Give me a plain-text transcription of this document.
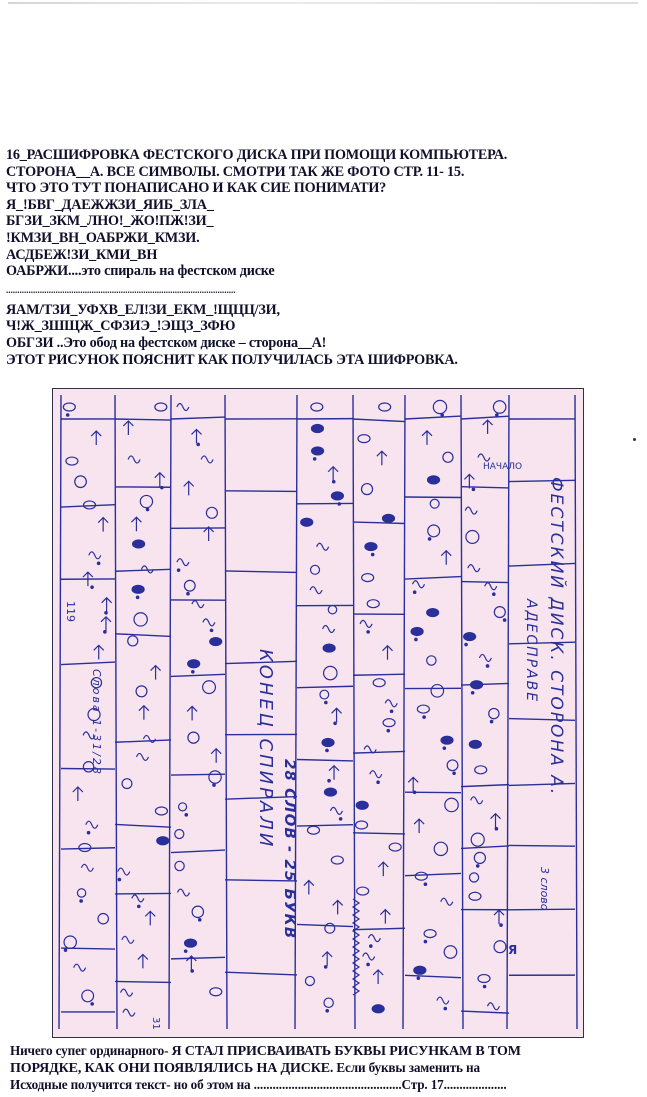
16_РАСШИФРОВКА ФЕСТСКОГО ДИСКА ПРИ ПОМОЩИ КОМПЬЮТЕРА.
СТОРОНА__А. ВСЕ СИМВОЛЫ. СМОТРИ ТАК ЖЕ ФОТО СТР. 11- 15.
ЧТО ЭТО ТУТ ПОНАПИСАНО И КАК СИЕ ПОНИМАТИ?
Я_!БВГ_ДАЕЖЖЗИ_ЯИБ_ЗЛА_
БГЗИ_ЗКМ_ЛНО!_ЖО!ПЖ!ЗИ_
!КМЗИ_ВН_ОАБРЖИ_КМЗИ.
АСДБЕЖ!ЗИ_КМИ_ВН
ОАБРЖИ....это спираль на фестском диске
......................................................................................................
ЯАМ/ТЗИ_УФХВ_ЕЛ!ЗИ_ЕКМ_!ЩЦЦ/ЗИ,
Ч!Ж_ЗШЩЖ_СФЗИЭ_!ЭЩЗ_ЗФЮ
ОБГЗИ ..Это обод на фестском диске – сторона__А!
ЭТОТ РИСУНОК ПОЯСНИТ КАК ПОЛУЧИЛАСЬ ЭТА ШИФРОВКА.
ФЕСТСКИЙ ДИСК. СТОРОНА А.
АДЕСПРАВЕ
КОНЕЦ СПИРАЛИ 28 СЛОВ - 25 БУКВ
Слова 1-31/28
119
31
3 слово
НАЧАЛО
Я
Ничего супег ординарного- Я СТАЛ ПРИСВАИВАТЬ БУКВЫ РИСУНКАМ В ТОМ
ПОРЯДКЕ, КАК ОНИ ПОЯВЛЯЛИСЬ НА ДИСКЕ. Если буквы заменить на
Исходные получится текст- но об этом на ...............................................Стр. 17....................
